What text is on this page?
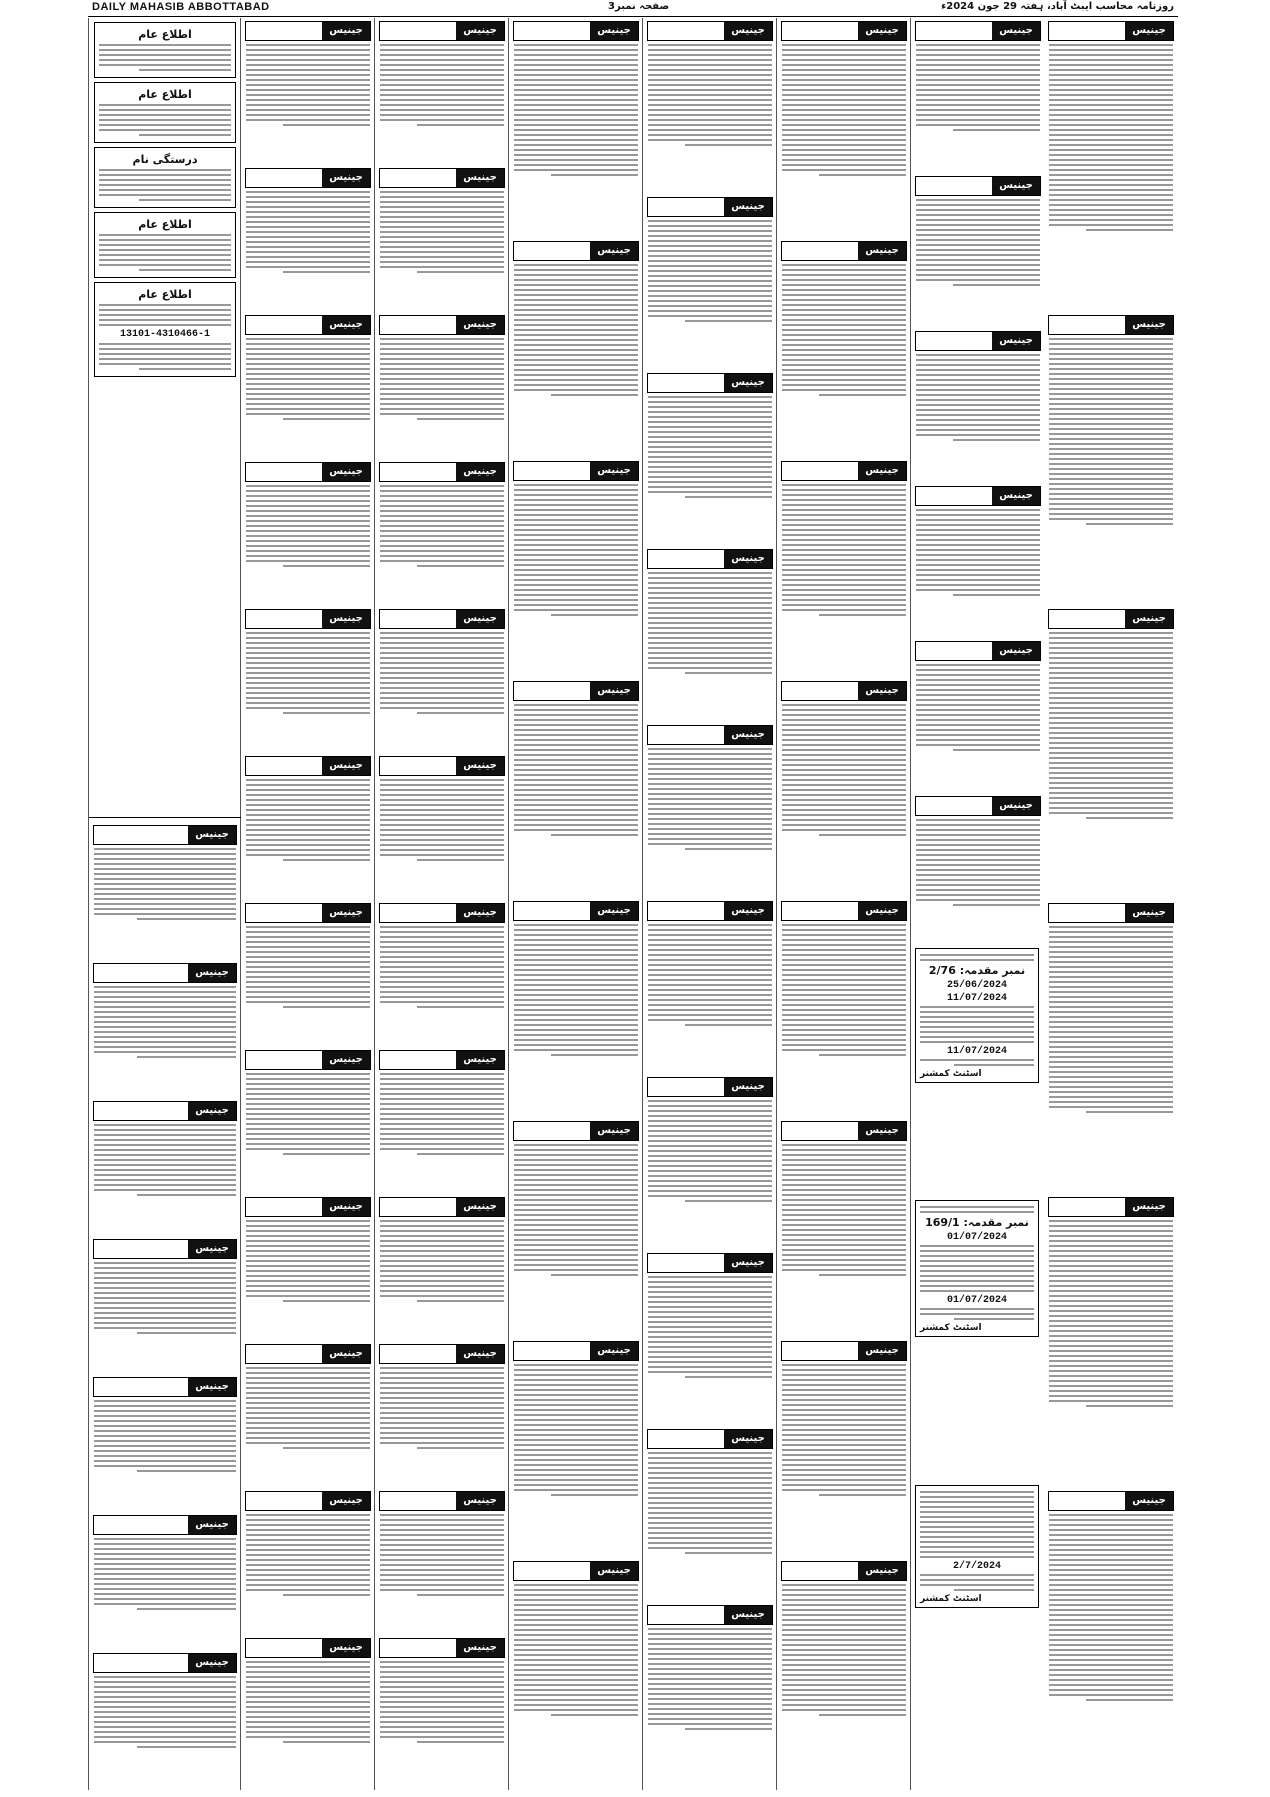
DAILY MAHASIB ABBOTTABAD	صفحہ نمبر3	روزنامہ محاسب ایبٹ آباد، ہفتہ 29 جون 2024ء
جینیس
جینیس
جینیس
جینیس
جینیس
جینیس
جینیس
جینیس
جینیس
جینیس
جینیس
جینیس
جینیس
جینیس
جینیس
جینیس
جینیس
جینیس
جینیس
جینیس
جینیس
جینیس
جینیس
جینیس
جینیس
جینیس
جینیس
جینیس
جینیس
جینیس
جینیس
جینیس
جینیس
جینیس
جینیس
جینیس
جینیس
جینیس
جینیس
جینیس
جینیس
جینیس
جینیس
جینیس
جینیس
جینیس
جینیس
جینیس
جینیس
جینیس
جینیس
جینیس
جینیس
جینیس
جینیس
جینیس
جینیس
جینیس
جینیس
جینیس
جینیس
جینیس
اطلاع عام
اطلاع عام
درستگی نام
اطلاع عام
اطلاع عام
13101-4310466-1
جینیس
جینیس
جینیس
جینیس
جینیس
جینیس
جینیس
نمبر مقدمہ: 2/76
25/06/2024
11/07/2024
11/07/2024
اسٹنٹ کمشنر
نمبر مقدمہ: 169/1
01/07/2024
01/07/2024
اسٹنٹ کمشنر
2/7/2024
اسٹنٹ کمشنر
